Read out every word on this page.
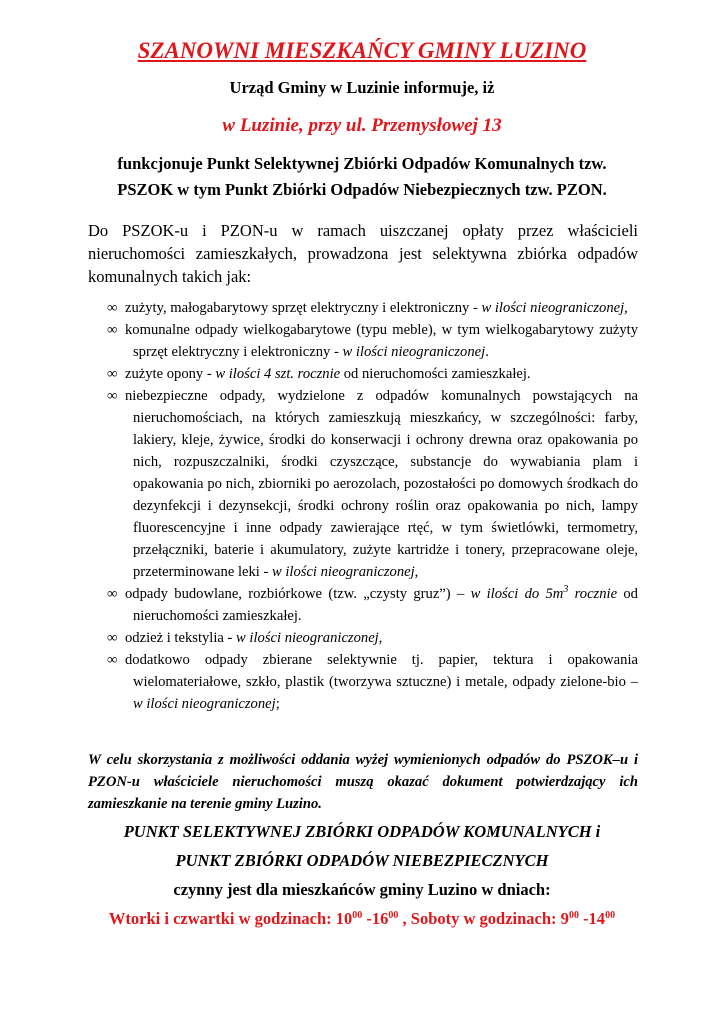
SZANOWNI MIESZKAŃCY GMINY LUZINO
Urząd Gminy w Luzinie informuje, iż
w Luzinie, przy ul. Przemysłowej 13
funkcjonuje Punkt Selektywnej Zbiórki Odpadów Komunalnych tzw.
PSZOK w tym Punkt Zbiórki Odpadów Niebezpiecznych tzw. PZON.
Do PSZOK-u i PZON-u w ramach uiszczanej opłaty przez właścicieli nieruchomości zamieszkałych, prowadzona jest selektywna zbiórka odpadów komunalnych takich jak:
∞ zużyty, małogabarytowy sprzęt elektryczny i elektroniczny - w ilości nieograniczonej,
∞ komunalne odpady wielkogabarytowe (typu meble), w tym wielkogabarytowy zużyty sprzęt elektryczny i elektroniczny - w ilości nieograniczonej.
∞ zużyte opony - w ilości 4 szt. rocznie od nieruchomości zamieszkałej.
∞ niebezpieczne odpady, wydzielone z odpadów komunalnych powstających na nieruchomościach, na których zamieszkują mieszkańcy, w szczególności: farby, lakiery, kleje, żywice, środki do konserwacji i ochrony drewna oraz opakowania po nich, rozpuszczalniki, środki czyszczące, substancje do wywabiania plam i opakowania po nich, zbiorniki po aerozolach, pozostałości po domowych środkach do dezynfekcji i dezynsekcji, środki ochrony roślin oraz opakowania po nich, lampy fluorescencyjne i inne odpady zawierające rtęć, w tym świetlówki, termometry, przełączniki, baterie i akumulatory, zużyte kartridże i tonery, przepracowane oleje, przeterminowane leki - w ilości nieograniczonej,
∞ odpady budowlane, rozbiórkowe (tzw. „czysty gruz”) – w ilości do $5m^3$ rocznie od nieruchomości zamieszkałej.
∞ odzież i tekstylia - w ilości nieograniczonej,
∞ dodatkowo odpady zbierane selektywnie tj. papier, tektura i opakowania wielomateriałowe, szkło, plastik (tworzywa sztuczne) i metale, odpady zielone-bio – w ilości nieograniczonej;
W celu skorzystania z możliwości oddania wyżej wymienionych odpadów do PSZOK–u i PZON-u właściciele nieruchomości muszą okazać dokument potwierdzający ich zamieszkanie na terenie gminy Luzino.
PUNKT SELEKTYWNEJ ZBIÓRKI ODPADÓW KOMUNALNYCH i
PUNKT ZBIÓRKI ODPADÓW NIEBEZPIECZNYCH
czynny jest dla mieszkańców gminy Luzino w dniach:
Wtorki i czwartki w godzinach: $10^{00}$ $-16^{00}$ , Soboty w godzinach: $9^{00}$ $-14^{00}$
